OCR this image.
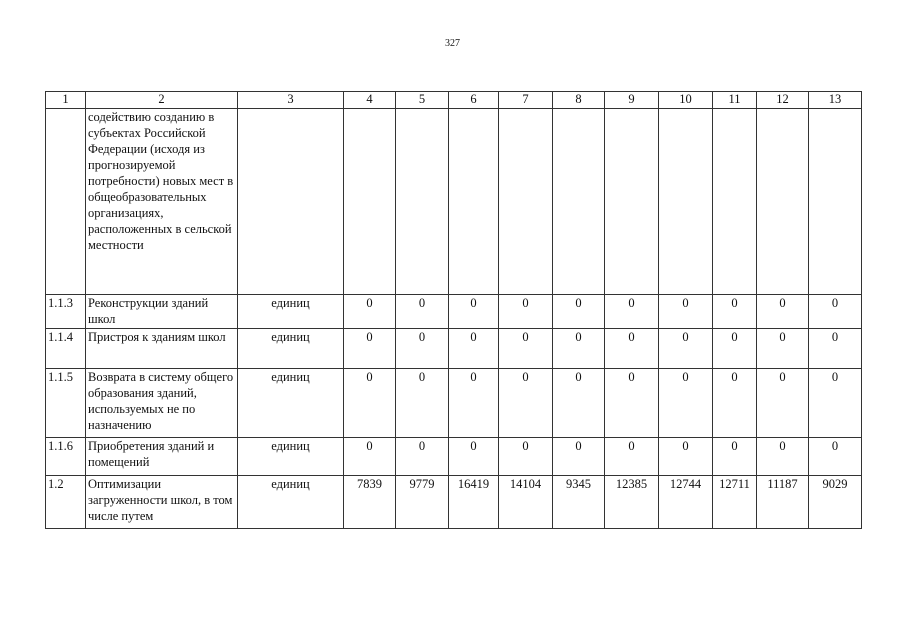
327
1	2	3	4	5	6	7	8	9	10	11	12	13
	содействию созданию в субъектах Российской Федерации (исходя из прогнозируемой потребности) новых мест в общеобразовательных организациях, расположенных в сельской местности											
1.1.3	Реконструкции зданий школ	единиц	0	0	0	0	0	0	0	0	0	0
1.1.4	Пристроя к зданиям школ	единиц	0	0	0	0	0	0	0	0	0	0
1.1.5	Возврата в систему общего образования зданий, используемых не по назначению	единиц	0	0	0	0	0	0	0	0	0	0
1.1.6	Приобретения зданий и помещений	единиц	0	0	0	0	0	0	0	0	0	0
1.2	Оптимизации загруженности школ, в том числе путем	единиц	7839	9779	16419	14104	9345	12385	12744	12711	11187	9029
